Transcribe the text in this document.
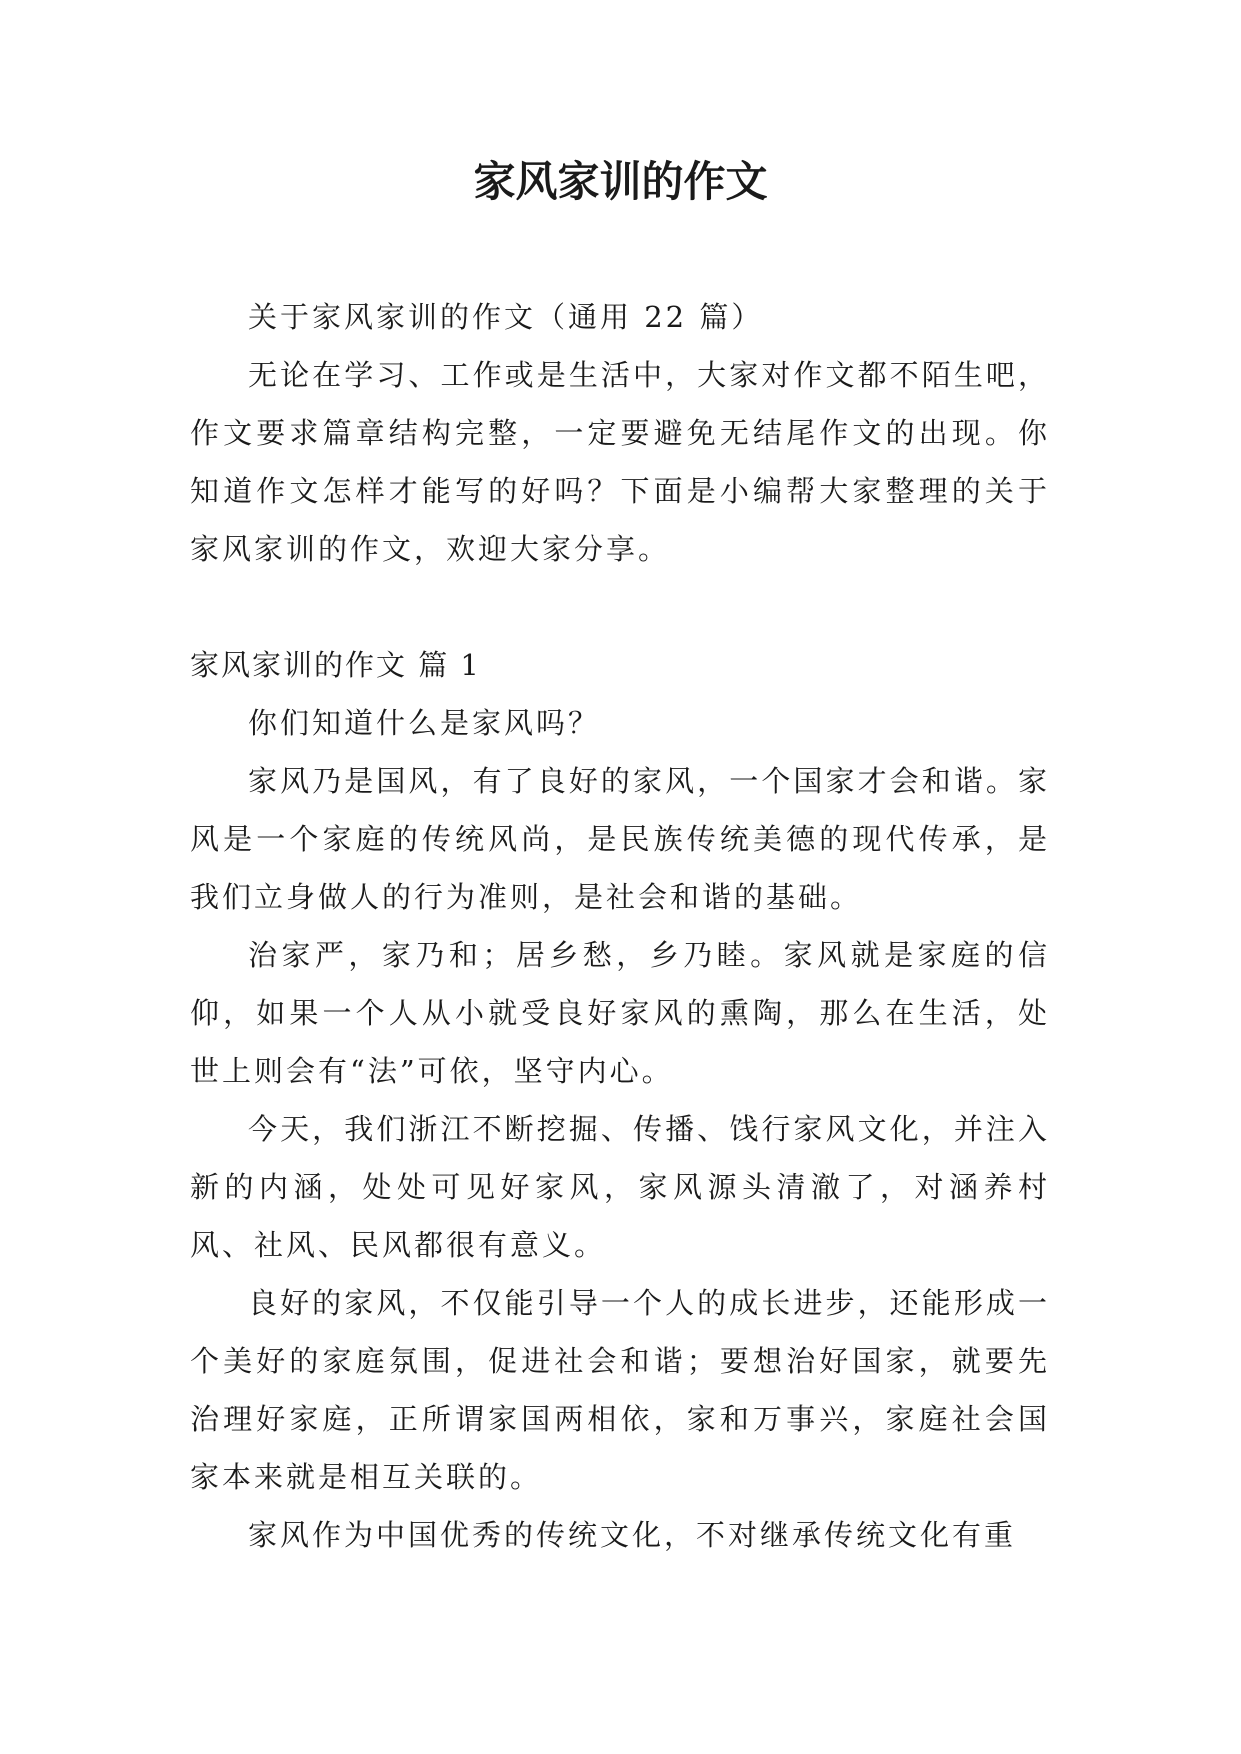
家风家训的作文

关于家风家训的作文（通用 22 篇）

无论在学习、工作或是生活中，大家对作文都不陌生吧，作文要求篇章结构完整，一定要避免无结尾作文的出现。你知道作文怎样才能写的好吗？下面是小编帮大家整理的关于家风家训的作文，欢迎大家分享。

家风家训的作文 篇 1

你们知道什么是家风吗？

家风乃是国风，有了良好的家风，一个国家才会和谐。家风是一个家庭的传统风尚，是民族传统美德的现代传承，是我们立身做人的行为准则，是社会和谐的基础。

治家严，家乃和；居乡愁，乡乃睦。家风就是家庭的信仰，如果一个人从小就受良好家风的熏陶，那么在生活，处世上则会有“法”可依，坚守内心。

今天，我们浙江不断挖掘、传播、饯行家风文化，并注入新的内涵，处处可见好家风，家风源头清澈了，对涵养村风、社风、民风都很有意义。

良好的家风，不仅能引导一个人的成长进步，还能形成一个美好的家庭氛围，促进社会和谐；要想治好国家，就要先治理好家庭，正所谓家国两相依，家和万事兴，家庭社会国家本来就是相互关联的。

家风作为中国优秀的传统文化，不对继承传统文化有重
